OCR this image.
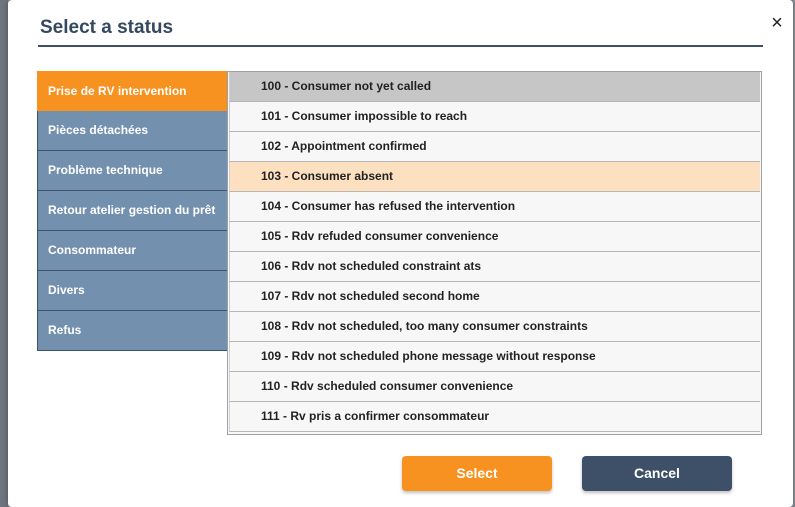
Select a status	×
Prise de RV intervention
Pièces détachées
Problème technique
Retour atelier gestion du prêt
Consommateur
Divers
Refus
100 - Consumer not yet called
101 - Consumer impossible to reach
102 - Appointment confirmed
103 - Consumer absent
104 - Consumer has refused the intervention
105 - Rdv refuded consumer convenience
106 - Rdv not scheduled constraint ats
107 - Rdv not scheduled second home
108 - Rdv not scheduled, too many consumer constraints
109 - Rdv not scheduled phone message without response
110 - Rdv scheduled consumer convenience
111 - Rv pris a confirmer consommateur
Select	Cancel
